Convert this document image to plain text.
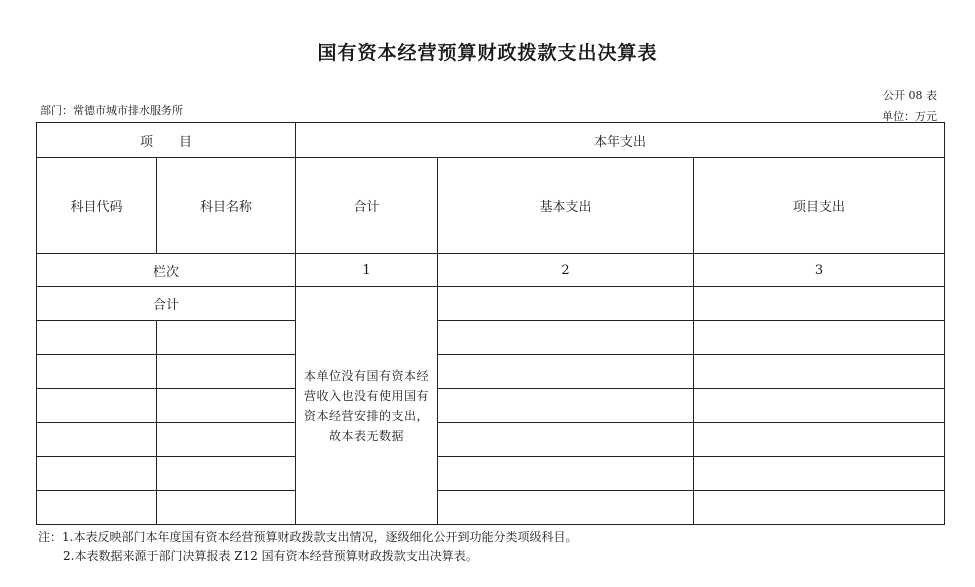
国有资本经营预算财政拨款支出决算表
公开 08 表
单位：万元
部门：常德市城市排水服务所
项　　目		本年支出		
科目代码	科目名称	合计	基本支出	项目支出
栏次		1	2	3
合计		本单位没有国有资本经营收入也没有使用国有资本经营安排的支出，故本表无数据		

注：1.本表反映部门本年度国有资本经营预算财政拨款支出情况，逐级细化公开到功能分类项级科目。
2.本表数据来源于部门决算报表 Z12 国有资本经营预算财政拨款支出决算表。
